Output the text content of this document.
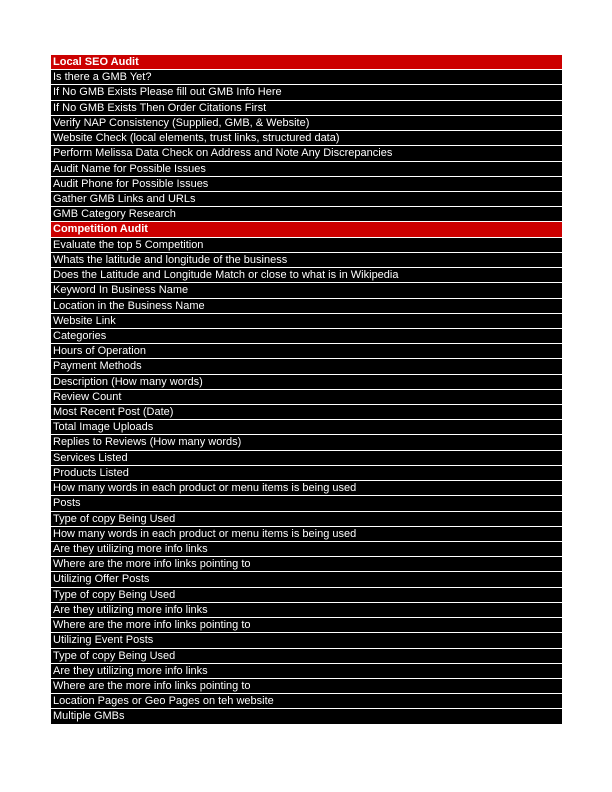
Local SEO Audit
Is there a GMB Yet?
If No GMB Exists Please fill out GMB Info Here
If No GMB Exists Then Order Citations First
Verify NAP Consistency (Supplied, GMB, & Website)
Website Check (local elements, trust links, structured data)
Perform Melissa Data Check on Address and Note Any Discrepancies
Audit Name for Possible Issues
Audit Phone for Possible Issues
Gather GMB Links and URLs
GMB Category Research
Competition Audit
Evaluate the top 5 Competition
Whats the latitude and longitude of the business
Does the Latitude and Longitude Match or close to what is in Wikipedia
Keyword In Business Name
Location in the Business Name
Website Link
Categories
Hours of Operation
Payment Methods
Description (How many words)
Review Count
Most Recent Post (Date)
Total Image Uploads
Replies to Reviews (How many words)
Services Listed
Products Listed
How many words in each product or menu items is being used
Posts
Type of copy Being Used
How many words in each product or menu items is being used
Are they utilizing more info links
Where are the more info links pointing to
Utilizing Offer Posts
Type of copy Being Used
Are they utilizing more info links
Where are the more info links pointing to
Utilizing Event Posts
Type of copy Being Used
Are they utilizing more info links
Where are the more info links pointing to
Location Pages or Geo Pages on teh website
Multiple GMBs
